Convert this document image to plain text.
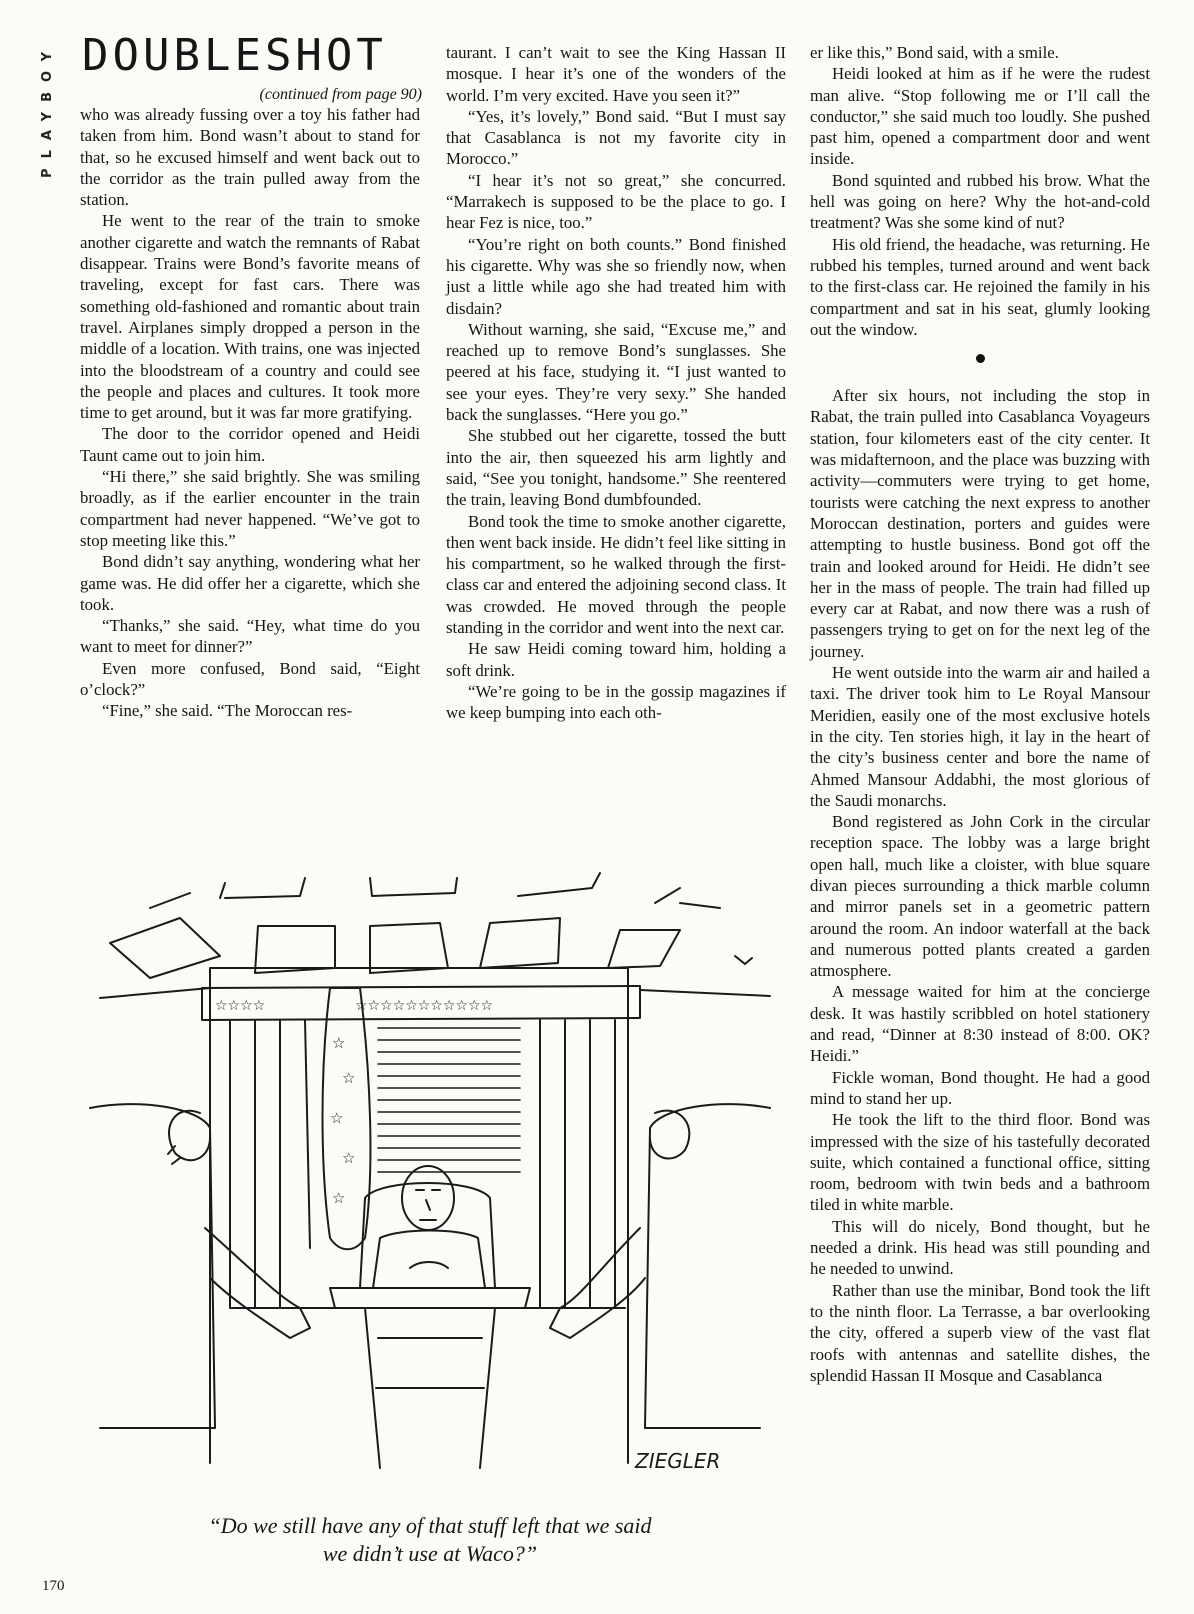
PLAYBOY DOUBLESHOT
(continued from page 90)

who was already fussing over a toy his father had taken from him. Bond wasn’t about to stand for that, so he excused himself and went back out to the corridor as the train pulled away from the station.

He went to the rear of the train to smoke another cigarette and watch the remnants of Rabat disappear. Trains were Bond’s favorite means of traveling, except for fast cars. There was something old-fashioned and romantic about train travel. Airplanes simply dropped a person in the middle of a location. With trains, one was injected into the bloodstream of a country and could see the people and places and cultures. It took more time to get around, but it was far more gratifying.

The door to the corridor opened and Heidi Taunt came out to join him.

“Hi there,” she said brightly. She was smiling broadly, as if the earlier encounter in the train compartment had never happened. “We’ve got to stop meeting like this.”

Bond didn’t say anything, wondering what her game was. He did offer her a cigarette, which she took.

“Thanks,” she said. “Hey, what time do you want to meet for dinner?”

Even more confused, Bond said, “Eight o’clock?”

“Fine,” she said. “The Moroccan res-

taurant. I can’t wait to see the King Hassan II mosque. I hear it’s one of the wonders of the world. I’m very excited. Have you seen it?”

“Yes, it’s lovely,” Bond said. “But I must say that Casablanca is not my favorite city in Morocco.”

“I hear it’s not so great,” she concurred. “Marrakech is supposed to be the place to go. I hear Fez is nice, too.”

“You’re right on both counts.” Bond finished his cigarette. Why was she so friendly now, when just a little while ago she had treated him with disdain?

Without warning, she said, “Excuse me,” and reached up to remove Bond’s sunglasses. She peered at his face, studying it. “I just wanted to see your eyes. They’re very sexy.” She handed back the sunglasses. “Here you go.”

She stubbed out her cigarette, tossed the butt into the air, then squeezed his arm lightly and said, “See you tonight, handsome.” She reentered the train, leaving Bond dumbfounded.

Bond took the time to smoke another cigarette, then went back inside. He didn’t feel like sitting in his compartment, so he walked through the first-class car and entered the adjoining second class. It was crowded. He moved through the people standing in the corridor and went into the next car.

He saw Heidi coming toward him, holding a soft drink.

“We’re going to be in the gossip magazines if we keep bumping into each oth-

er like this,” Bond said, with a smile.

Heidi looked at him as if he were the rudest man alive. “Stop following me or I’ll call the conductor,” she said much too loudly. She pushed past him, opened a compartment door and went inside.

Bond squinted and rubbed his brow. What the hell was going on here? Why the hot-and-cold treatment? Was she some kind of nut?

His old friend, the headache, was returning. He rubbed his temples, turned around and went back to the first-class car. He rejoined the family in his compartment and sat in his seat, glumly looking out the window.

After six hours, not including the stop in Rabat, the train pulled into Casablanca Voyageurs station, four kilometers east of the city center. It was midafternoon, and the place was buzzing with activity—commuters were trying to get home, tourists were catching the next express to another Moroccan destination, porters and guides were attempting to hustle business. Bond got off the train and looked around for Heidi. He didn’t see her in the mass of people. The train had filled up every car at Rabat, and now there was a rush of passengers trying to get on for the next leg of the journey.

He went outside into the warm air and hailed a taxi. The driver took him to Le Royal Mansour Meridien, easily one of the most exclusive hotels in the city. Ten stories high, it lay in the heart of the city’s business center and bore the name of Ahmed Mansour Addabhi, the most glorious of the Saudi monarchs.

Bond registered as John Cork in the circular reception space. The lobby was a large bright open hall, much like a cloister, with blue square divan pieces surrounding a thick marble column and mirror panels set in a geometric pattern around the room. An indoor waterfall at the back and numerous potted plants created a garden atmosphere.

A message waited for him at the concierge desk. It was hastily scribbled on hotel stationery and read, “Dinner at 8:30 instead of 8:00. OK? Heidi.”

Fickle woman, Bond thought. He had a good mind to stand her up.

He took the lift to the third floor. Bond was impressed with the size of his tastefully decorated suite, which contained a functional office, sitting room, bedroom with twin beds and a bathroom tiled in white marble.

This will do nicely, Bond thought, but he needed a drink. His head was still pounding and he needed to unwind.

Rather than use the minibar, Bond took the lift to the ninth floor. La Terrasse, a bar overlooking the city, offered a superb view of the vast flat roofs with antennas and satellite dishes, the splendid Hassan II Mosque and Casablanca

☆☆☆☆	☆☆☆☆☆☆☆☆☆☆☆
☆
☆
☆
☆
☆
ZIEGLER
“Do we still have any of that stuff left that we said
we didn’t use at Waco?”
170
